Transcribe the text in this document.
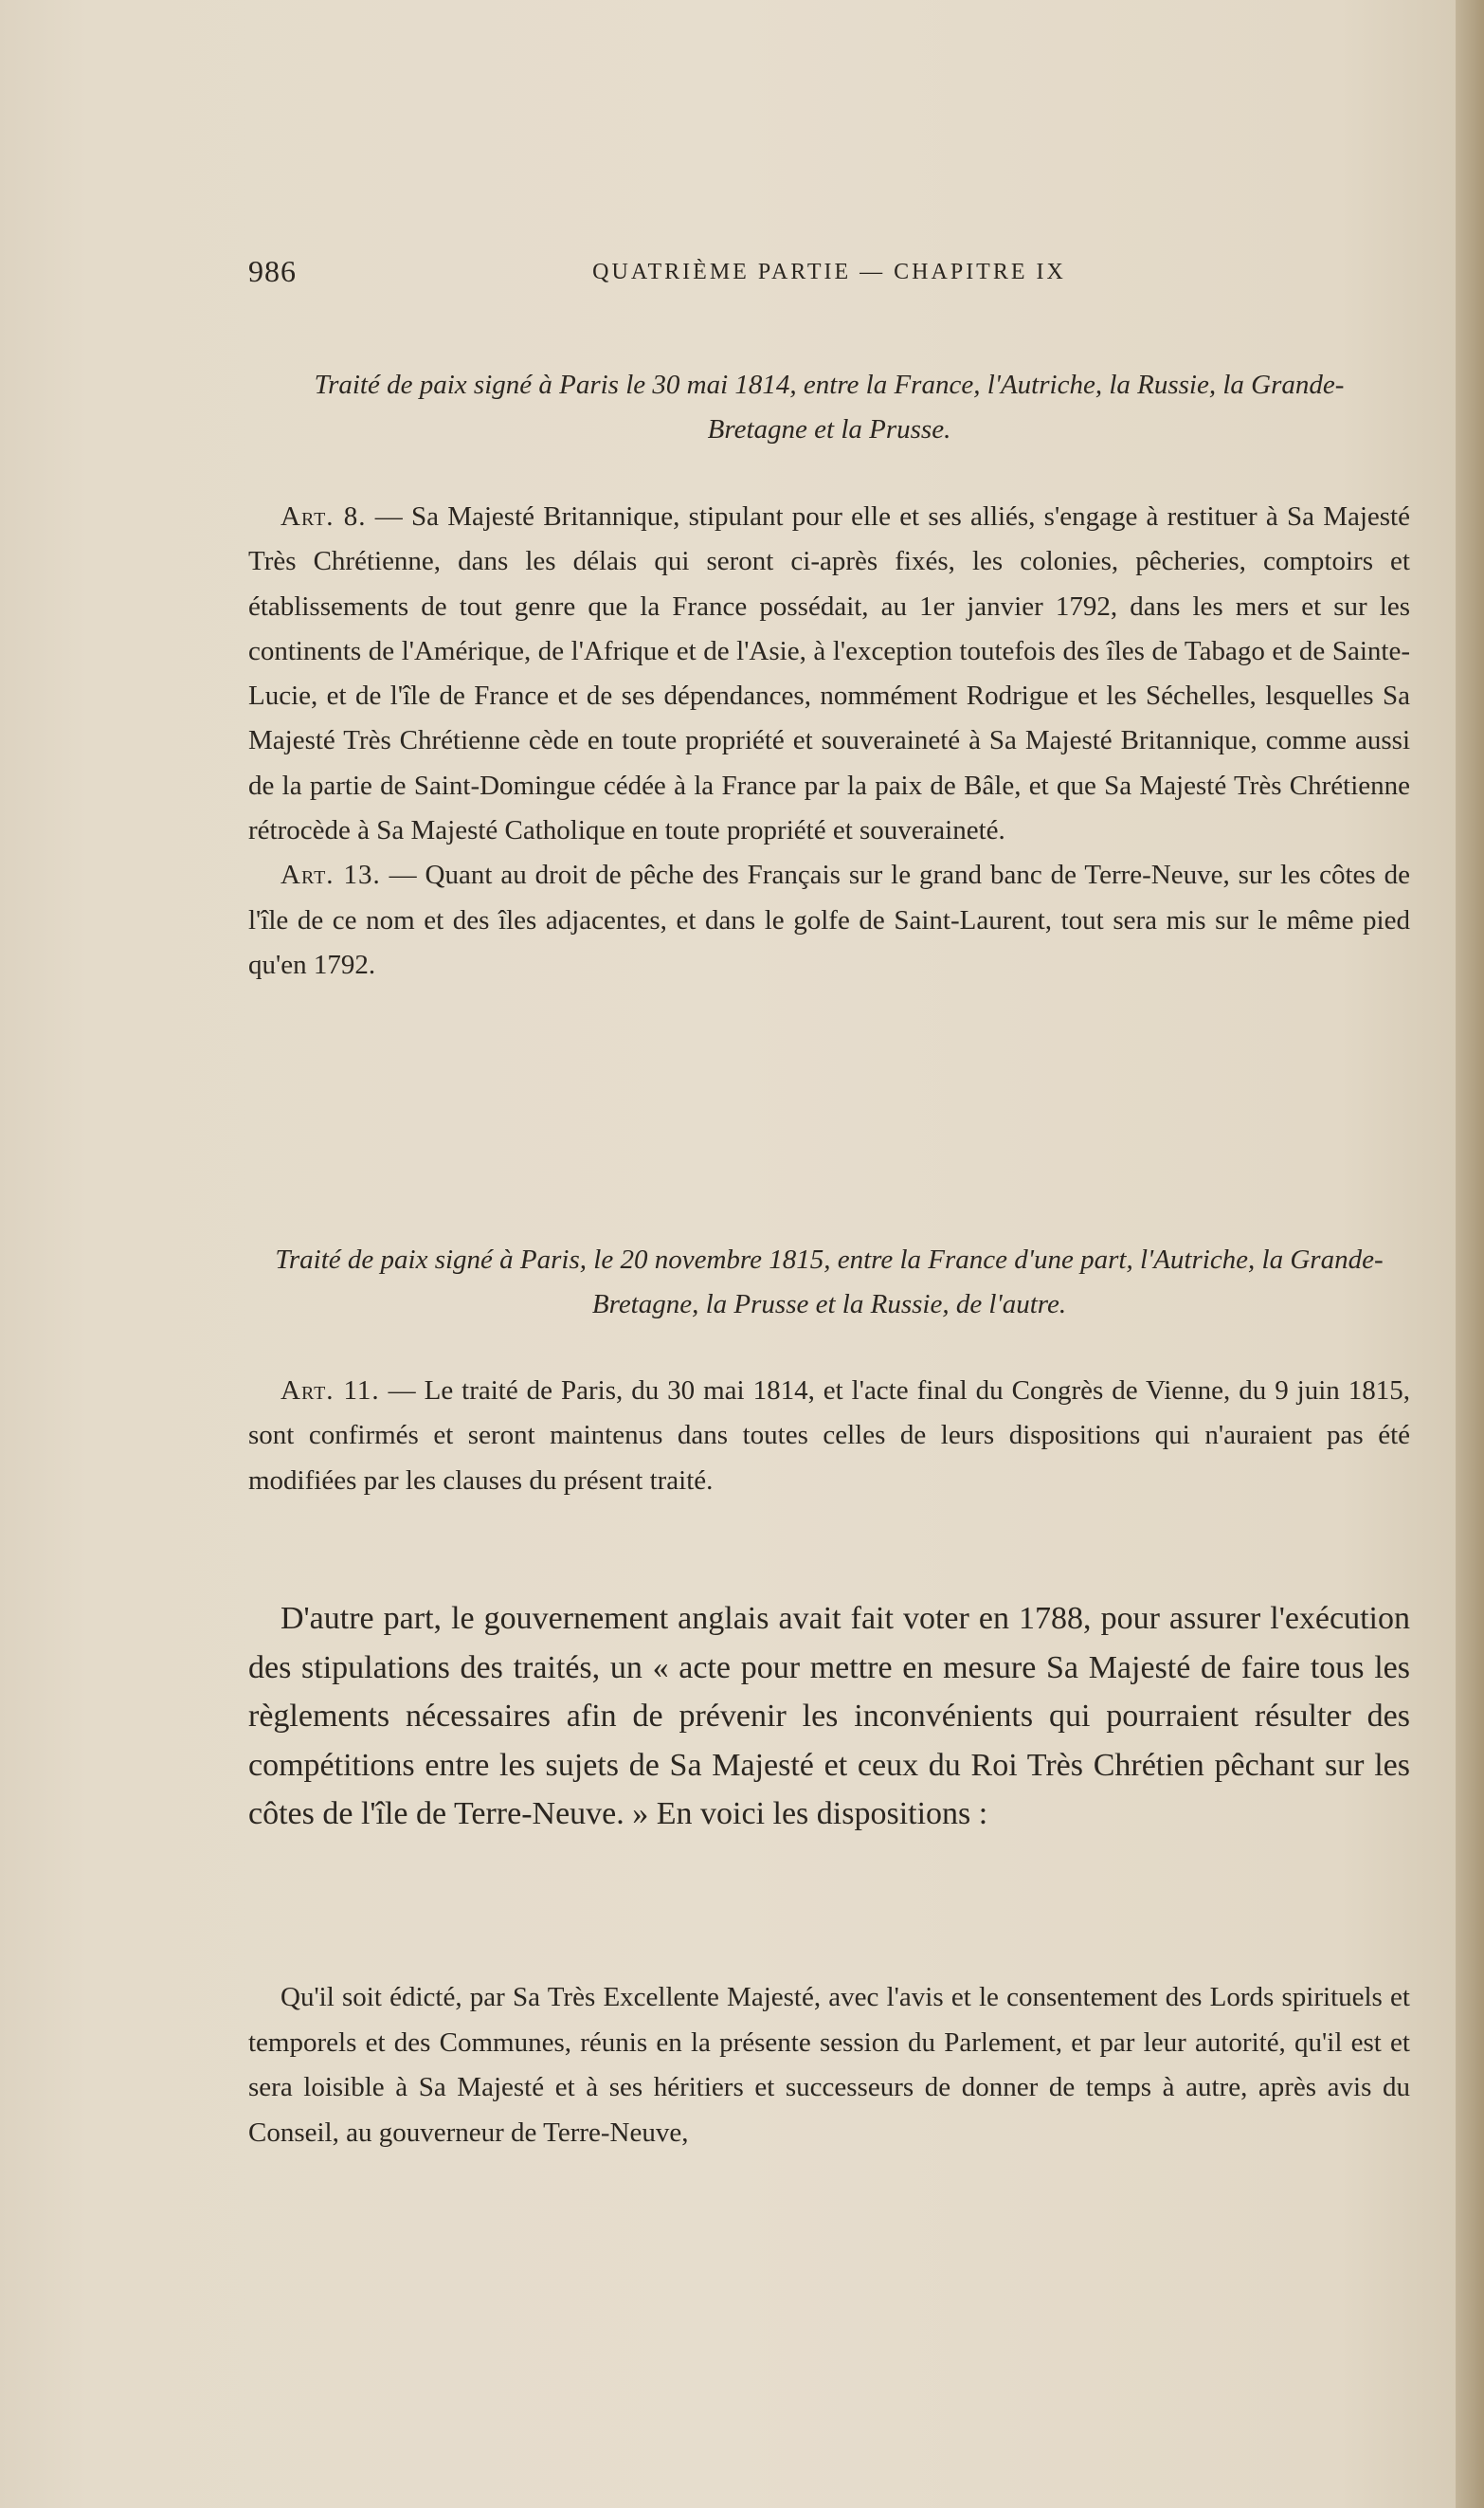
986	QUATRIÈME PARTIE — CHAPITRE IX

Traité de paix signé à Paris le 30 mai 1814, entre la France, l'Autriche, la Russie, la Grande-Bretagne et la Prusse.

Art. 8. — Sa Majesté Britannique, stipulant pour elle et ses alliés, s'engage à restituer à Sa Majesté Très Chrétienne, dans les délais qui seront ci-après fixés, les colonies, pêcheries, comptoirs et établissements de tout genre que la France possédait, au 1er janvier 1792, dans les mers et sur les continents de l'Amérique, de l'Afrique et de l'Asie, à l'exception toutefois des îles de Tabago et de Sainte-Lucie, et de l'île de France et de ses dépendances, nommément Rodrigue et les Séchelles, lesquelles Sa Majesté Très Chrétienne cède en toute propriété et souveraineté à Sa Majesté Britannique, comme aussi de la partie de Saint-Domingue cédée à la France par la paix de Bâle, et que Sa Majesté Très Chrétienne rétrocède à Sa Majesté Catholique en toute propriété et souveraineté.

Art. 13. — Quant au droit de pêche des Français sur le grand banc de Terre-Neuve, sur les côtes de l'île de ce nom et des îles adjacentes, et dans le golfe de Saint-Laurent, tout sera mis sur le même pied qu'en 1792.

Traité de paix signé à Paris, le 20 novembre 1815, entre la France d'une part, l'Autriche, la Grande-Bretagne, la Prusse et la Russie, de l'autre.

Art. 11. — Le traité de Paris, du 30 mai 1814, et l'acte final du Congrès de Vienne, du 9 juin 1815, sont confirmés et seront maintenus dans toutes celles de leurs dispositions qui n'auraient pas été modifiées par les clauses du présent traité.

D'autre part, le gouvernement anglais avait fait voter en 1788, pour assurer l'exécution des stipulations des traités, un « acte pour mettre en mesure Sa Majesté de faire tous les règlements nécessaires afin de prévenir les inconvénients qui pourraient résulter des compétitions entre les sujets de Sa Majesté et ceux du Roi Très Chrétien pêchant sur les côtes de l'île de Terre-Neuve. » En voici les dispositions :

Qu'il soit édicté, par Sa Très Excellente Majesté, avec l'avis et le consentement des Lords spirituels et temporels et des Communes, réunis en la présente session du Parlement, et par leur autorité, qu'il est et sera loisible à Sa Majesté et à ses héritiers et successeurs de donner de temps à autre, après avis du Conseil, au gouverneur de Terre-Neuve,
